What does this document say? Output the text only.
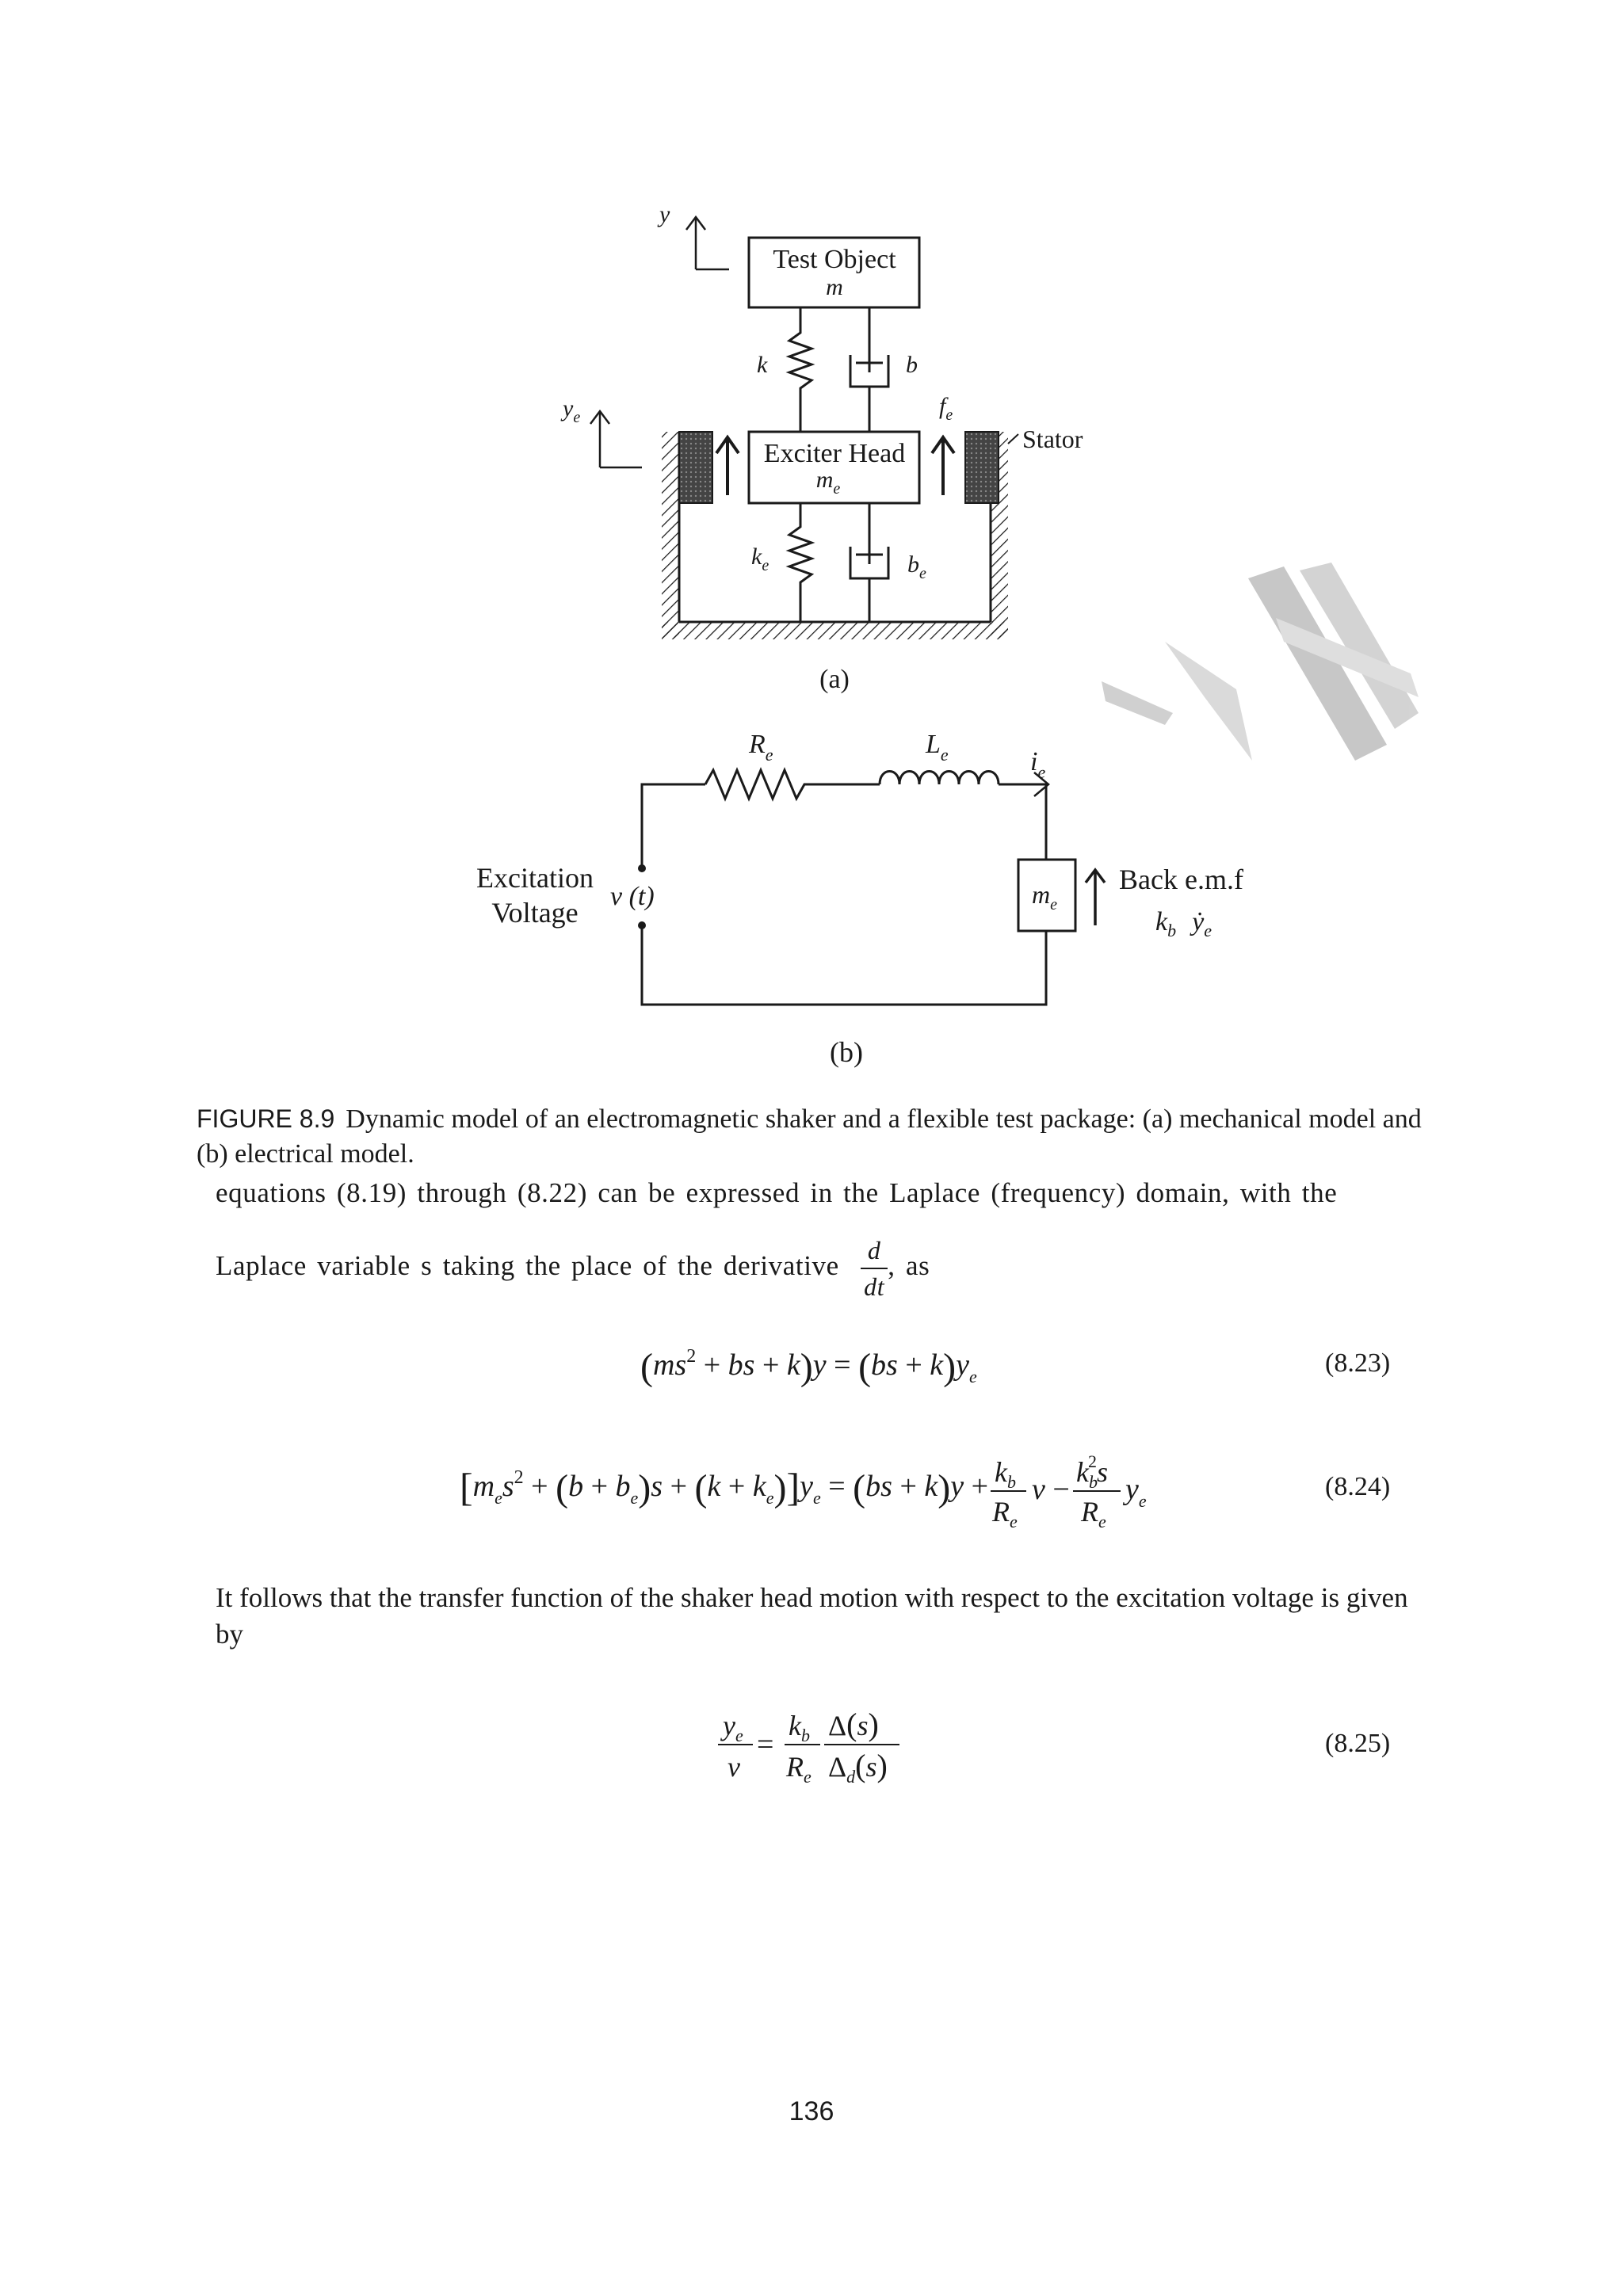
y
Test Object
m
k	b
$y_e$	$f_e$
Stator
Exciter Head
$m_e$
$k_e$	$b_e$
(a)
$R_e$	$L_e$	$i_e$
Excitation
Voltage
v (t)	$m_e$
Back e.m.f
$k_b$ ẏ$_e$
(b)
FIGURE 8.9 Dynamic model of an electromagnetic shaker and a flexible test package: (a) mechanical model and (b) electrical model.
equations (8.19) through (8.22) can be expressed in the Laplace (frequency) domain, with the
Laplace variable s taking the place of the derivative $\frac{d}{dt}$ , as
($ms^2$ + bs + $k)y = (bs + k)y_e$	(8.23)
$[m_es^2 + (b + b_e)s + (k + k_e)]y_e = (bs + k)y + k_b$
$R_e$
v −
$k_b2s$
$R_e$
$y_e$	(8.24)
It follows that the transfer function of the shaker head motion with respect to the excitation voltage is given by
$y_e$
v
=
$k_b$
$R_e$
Δ(s)
$\Delta_d(s)$
(8.25)
136
